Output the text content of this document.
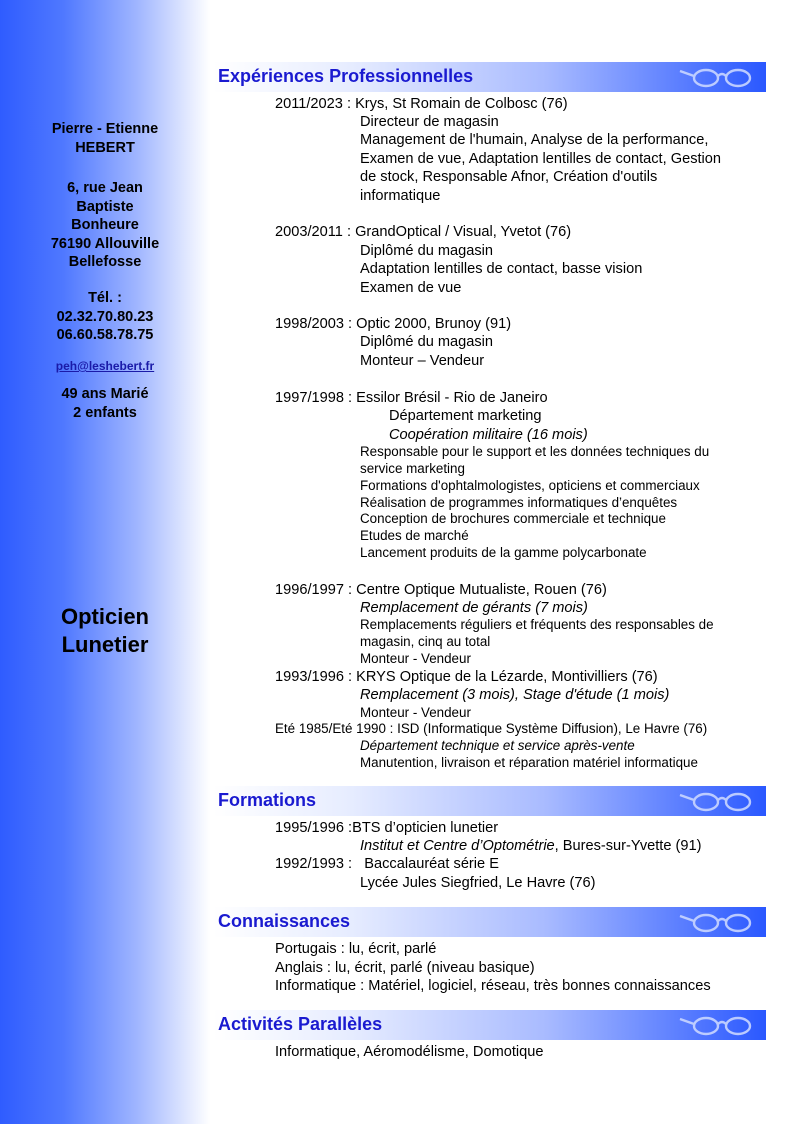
Pierre - Etienne
HEBERT
6, rue Jean
Baptiste
Bonheure
76190 Allouville
Bellefosse
Tél. :
02.32.70.80.23
06.60.58.78.75
peh@leshebert.fr
49 ans Marié
2 enfants
Opticien
Lunetier
Expériences Professionnelles
2011/2023 : Krys, St Romain de Colbosc (76)
Directeur de magasin
Management de l'humain, Analyse de la performance,
Examen de vue, Adaptation lentilles de contact, Gestion
de stock, Responsable Afnor, Création d'outils
informatique
2003/2011 : GrandOptical / Visual, Yvetot (76)
Diplômé du magasin
Adaptation lentilles de contact, basse vision
Examen de vue
1998/2003 : Optic 2000, Brunoy (91)
Diplômé du magasin
Monteur – Vendeur
1997/1998 : Essilor Brésil - Rio de Janeiro
Département marketing
Coopération militaire (16 mois)
Responsable pour le support et les données techniques du
service marketing
Formations d'ophtalmologistes, opticiens et commerciaux
Réalisation de programmes informatiques d’enquêtes
Conception de brochures commerciale et technique
Etudes de marché
Lancement produits de la gamme polycarbonate
1996/1997 : Centre Optique Mutualiste, Rouen (76)
Remplacement de gérants (7 mois)
Remplacements réguliers et fréquents des responsables de
magasin, cinq au total
Monteur - Vendeur
1993/1996 : KRYS Optique de la Lézarde, Montivilliers (76)
Remplacement (3 mois), Stage d'étude (1 mois)
Monteur - Vendeur
Eté 1985/Eté 1990 : ISD (Informatique Système Diffusion), Le Havre (76)
Département technique et service après-vente
Manutention, livraison et réparation matériel informatique
Formations
1995/1996 :BTS d’opticien lunetier
Institut et Centre d’Optométrie, Bures-sur-Yvette (91)
1992/1993 : Baccalauréat série E
Lycée Jules Siegfried, Le Havre (76)
Connaissances
Portugais : lu, écrit, parlé
Anglais : lu, écrit, parlé (niveau basique)
Informatique : Matériel, logiciel, réseau, très bonnes connaissances
Activités Parallèles
Informatique, Aéromodélisme, Domotique
